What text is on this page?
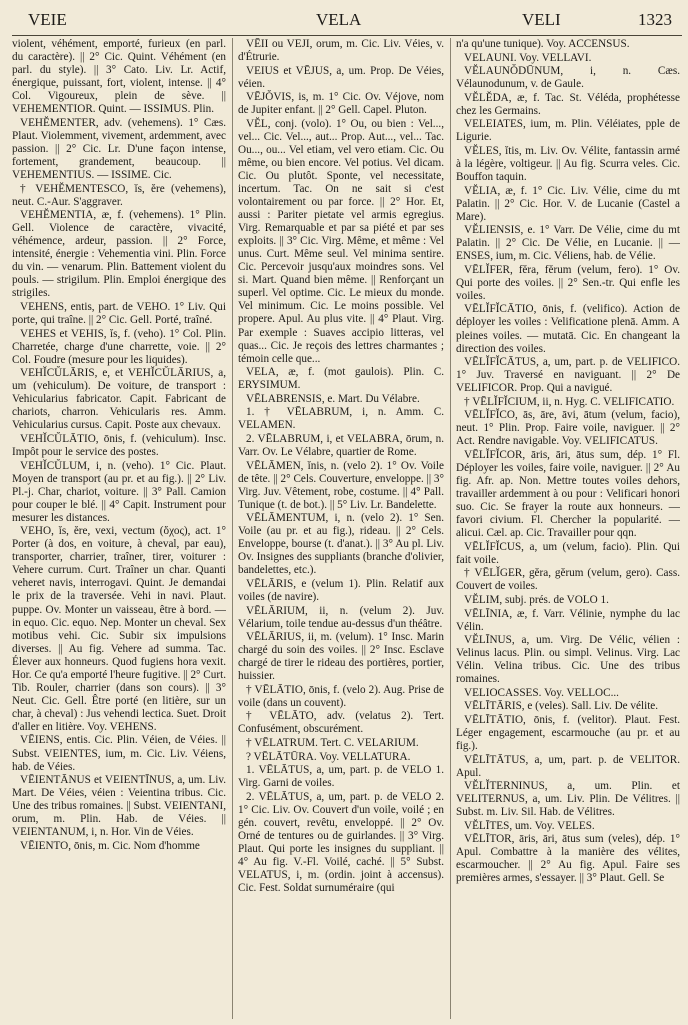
VEIE	VELA	VELI	1323

violent, véhément, emporté, furieux (en parl. du caractère). || 2° Cic. Quint. Véhément (en parl. du style). || 3° Cato. Liv. Lr. Actif, énergique, puissant, fort, violent, intense. || 4° Col. Vigoureux, plein de sève. || VEHEMENTIOR. Quint. — ISSIMUS. Plin.

VEHĔMENTER, adv. (vehemens). 1° Cæs. Plaut. Violemment, vivement, ardemment, avec passion. || 2° Cic. Lr. D'une façon intense, fortement, grandement, beaucoup. || VEHEMENTIUS. — ISSIME. Cic.

† VEHĔMENTESCO, ĭs, ĕre (vehemens), neut. C.-Aur. S'aggraver.

VEHĔMENTIA, æ, f. (vehemens). 1° Plin. Gell. Violence de caractère, vivacité, véhémence, ardeur, passion. || 2° Force, intensité, énergie : Vehementia vini. Plin. Force du vin. — venarum. Plin. Battement violent du pouls. — strigilum. Plin. Emploi énergique des strigiles.

VEHENS, entis, part. de VEHO. 1° Liv. Qui porte, qui traîne. || 2° Cic. Gell. Porté, traîné.

VEHES et VEHIS, ĭs, f. (veho). 1° Col. Plin. Charretée, charge d'une charrette, voie. || 2° Col. Foudre (mesure pour les liquides).

VEHĬCŬLĀRIS, e, et VEHĬCŬLĀRIUS, a, um (vehiculum). De voiture, de transport : Vehicularius fabricator. Capit. Fabricant de chariots, charron. Vehicularis res. Amm. Vehicularius cursus. Capit. Poste aux chevaux.

VEHĬCŬLĀTIO, ōnis, f. (vehiculum). Insc. Impôt pour le service des postes.

VEHĬCŬLUM, i, n. (veho). 1° Cic. Plaut. Moyen de transport (au pr. et au fig.). || 2° Liv. Pl.-j. Char, chariot, voiture. || 3° Pall. Camion pour couper le blé. || 4° Capit. Instrument pour mesurer les distances.

VEHO, ĭs, ĕre, vexi, vectum (ὄχος), act. 1° Porter (à dos, en voiture, à cheval, par eau), transporter, charrier, traîner, tirer, voiturer : Vehere currum. Curt. Traîner un char. Quanti veheret navis, interrogavi. Quint. Je demandai le prix de la traversée. Vehi in navi. Plaut. puppe. Ov. Monter un vaisseau, être à bord. — in equo. Cic. equo. Nep. Monter un cheval. Sex motibus vehi. Cic. Subir six impulsions diverses. || Au fig. Vehere ad summa. Tac. Élever aux honneurs. Quod fugiens hora vexit. Hor. Ce qu'a emporté l'heure fugitive. || 2° Curt. Tib. Rouler, charrier (dans son cours). || 3° Neut. Cic. Gell. Être porté (en litière, sur un char, à cheval) : Jus vehendi lectica. Suet. Droit d'aller en litière. Voy. VEHENS.

VĒIENS, entis. Cic. Plin. Véien, de Véies. || Subst. VEIENTES, ium, m. Cic. Liv. Véiens, hab. de Véies.

VĒIENTĀNUS et VEIENTĪNUS, a, um. Liv. Mart. De Véies, véien : Veientina tribus. Cic. Une des tribus romaines. || Subst. VEIENTANI, orum, m. Plin. Hab. de Véies. || VEIENTANUM, i, n. Hor. Vin de Véies.

VĒIENTO, ōnis, m. Cic. Nom d'homme

VĒII ou VEJI, orum, m. Cic. Liv. Véies, v. d'Étrurie.

VEIUS et VĒJUS, a, um. Prop. De Véies, véien.

VĒJŎVIS, is, m. 1° Cic. Ov. Véjove, nom de Jupiter enfant. || 2° Gell. Capel. Pluton.

VĔL, conj. (volo). 1° Ou, ou bien : Vel..., vel... Cic. Vel..., aut... Prop. Aut..., vel... Tac. Ou..., ou... Vel etiam, vel vero etiam. Cic. Ou même, ou bien encore. Vel potius. Vel dicam. Cic. Ou plutôt. Sponte, vel necessitate, incertum. Tac. On ne sait si c'est volontairement ou par force. || 2° Hor. Et, aussi : Pariter pietate vel armis egregius. Virg. Remarquable et par sa piété et par ses exploits. || 3° Cic. Virg. Même, et même : Vel unus. Curt. Même seul. Vel minima sentire. Cic. Percevoir jusqu'aux moindres sons. Vel si. Mart. Quand bien même. || Renforçant un superl. Vel optime. Cic. Le mieux du monde. Vel minimum. Cic. Le moins possible. Vel propere. Apul. Au plus vite. || 4° Plaut. Virg. Par exemple : Suaves accipio litteras, vel quas... Cic. Je reçois des lettres charmantes ; témoin celle que...

VELA, æ, f. (mot gaulois). Plin. C. ERYSIMUM.

VĒLABRENSIS, e. Mart. Du Vélabre.

1. † VĒLABRUM, i, n. Amm. C. VELAMEN.

2. VĒLABRUM, i, et VELABRA, ōrum, n. Varr. Ov. Le Vélabre, quartier de Rome.

VĒLĀMEN, ĭnis, n. (velo 2). 1° Ov. Voile de tête. || 2° Cels. Couverture, enveloppe. || 3° Virg. Juv. Vêtement, robe, costume. || 4° Pall. Tunique (t. de bot.). || 5° Liv. Lr. Bandelette.

VĒLĀMENTUM, i, n. (velo 2). 1° Sen. Voile (au pr. et au fig.), rideau. || 2° Cels. Enveloppe, bourse (t. d'anat.). || 3° Au pl. Liv. Ov. Insignes des suppliants (branche d'olivier, bandelettes, etc.).

VĒLĀRIS, e (velum 1). Plin. Relatif aux voiles (de navire).

VĒLĀRIUM, ii, n. (velum 2). Juv. Vélarium, toile tendue au-dessus d'un théâtre.

VĒLĀRIUS, ii, m. (velum). 1° Insc. Marin chargé du soin des voiles. || 2° Insc. Esclave chargé de tirer le rideau des portières, portier, huissier.

† VĒLĀTIO, ōnis, f. (velo 2). Aug. Prise de voile (dans un couvent).

† VĒLĀTO, adv. (velatus 2). Tert. Confusément, obscurément.

† VĒLATRUM. Tert. C. VELARIUM.

? VĒLĀTŪRA. Voy. VELLATURA.

1. VĒLĀTUS, a, um, part. p. de VELO 1. Virg. Garni de voiles.

2. VĒLĀTUS, a, um, part. p. de VELO 2. 1° Cic. Liv. Ov. Couvert d'un voile, voilé ; en gén. couvert, revêtu, enveloppé. || 2° Ov. Orné de tentures ou de guirlandes. || 3° Virg. Plaut. Qui porte les insignes du suppliant. || 4° Au fig. V.-Fl. Voilé, caché. || 5° Subst. VELATUS, i, m. (ordin. joint à accensus). Cic. Fest. Soldat surnuméraire (qui

n'a qu'une tunique). Voy. ACCENSUS.

VELAUNI. Voy. VELLAVI.

VĔLAUNŎDŪNUM, i, n. Cæs. Vélaunodunum, v. de Gaule.

VĔLĔDA, æ, f. Tac. St. Véléda, prophétesse chez les Germains.

VELEIATES, ium, m. Plin. Véléiates, pple de Ligurie.

VĔLES, ĭtis, m. Liv. Ov. Vélite, fantassin armé à la légère, voltigeur. || Au fig. Scurra veles. Cic. Bouffon taquin.

VĔLIA, æ, f. 1° Cic. Liv. Vélie, cime du mt Palatin. || 2° Cic. Hor. V. de Lucanie (Castel a Mare).

VĔLIENSIS, e. 1° Varr. De Vélie, cime du mt Palatin. || 2° Cic. De Vélie, en Lucanie. || — ENSES, ium, m. Cic. Véliens, hab. de Vélie.

VĒLĬFER, fĕra, fĕrum (velum, fero). 1° Ov. Qui porte des voiles. || 2° Sen.-tr. Qui enfle les voiles.

VĒLĬFĬCĀTIO, ōnis, f. (velifico). Action de déployer les voiles : Velificatione plenā. Amm. A pleines voiles. — mutatā. Cic. En changeant la direction des voiles.

VĒLĬFĬCĀTUS, a, um, part. p. de VELIFICO. 1° Juv. Traversé en naviguant. || 2° De VELIFICOR. Prop. Qui a navigué.

† VĒLĬFĬCIUM, ii, n. Hyg. C. VELIFICATIO.

VĒLĬFĬCO, ās, āre, āvi, ātum (velum, facio), neut. 1° Plin. Prop. Faire voile, naviguer. || 2° Act. Rendre navigable. Voy. VELIFICATUS.

VĒLĬFĬCOR, āris, āri, ātus sum, dép. 1° Fl. Déployer les voiles, faire voile, naviguer. || 2° Au fig. Afr. ap. Non. Mettre toutes voiles dehors, travailler ardemment à ou pour : Velificari honori suo. Cic. Se frayer la route aux honneurs. — favori civium. Fl. Chercher la popularité. — alicui. Cæl. ap. Cic. Travailler pour qqn.

VĒLĬFĬCUS, a, um (velum, facio). Plin. Qui fait voile.

† VĒLĬGER, gĕra, gĕrum (velum, gero). Cass. Couvert de voiles.

VĔLIM, subj. prés. de VOLO 1.

VĒLĪNIA, æ, f. Varr. Vélinie, nymphe du lac Vélin.

VĔLĪNUS, a, um. Virg. De Vélic, vélien : Velinus lacus. Plin. ou simpl. Velinus. Virg. Lac Vélin. Velina tribus. Cic. Une des tribus romaines.

VELIOCASSES. Voy. VELLOC...

VĒLĪTĀRIS, e (veles). Sall. Liv. De vélite.

VĒLĪTĀTIO, ōnis, f. (velitor). Plaut. Fest. Léger engagement, escarmouche (au pr. et au fig.).

VĒLĪTĀTUS, a, um, part. p. de VELITOR. Apul.

VĔLĬTERNINUS, a, um. Plin. et VELITERNUS, a, um. Liv. Plin. De Vélitres. || Subst. m. Liv. Sil. Hab. de Vélitres.

VĔLĪTES, um. Voy. VELES.

VĒLĪTOR, āris, āri, ātus sum (veles), dép. 1° Apul. Combattre à la manière des vélites, escarmoucher. || 2° Au fig. Apul. Faire ses premières armes, s'essayer. || 3° Plaut. Gell. Se
